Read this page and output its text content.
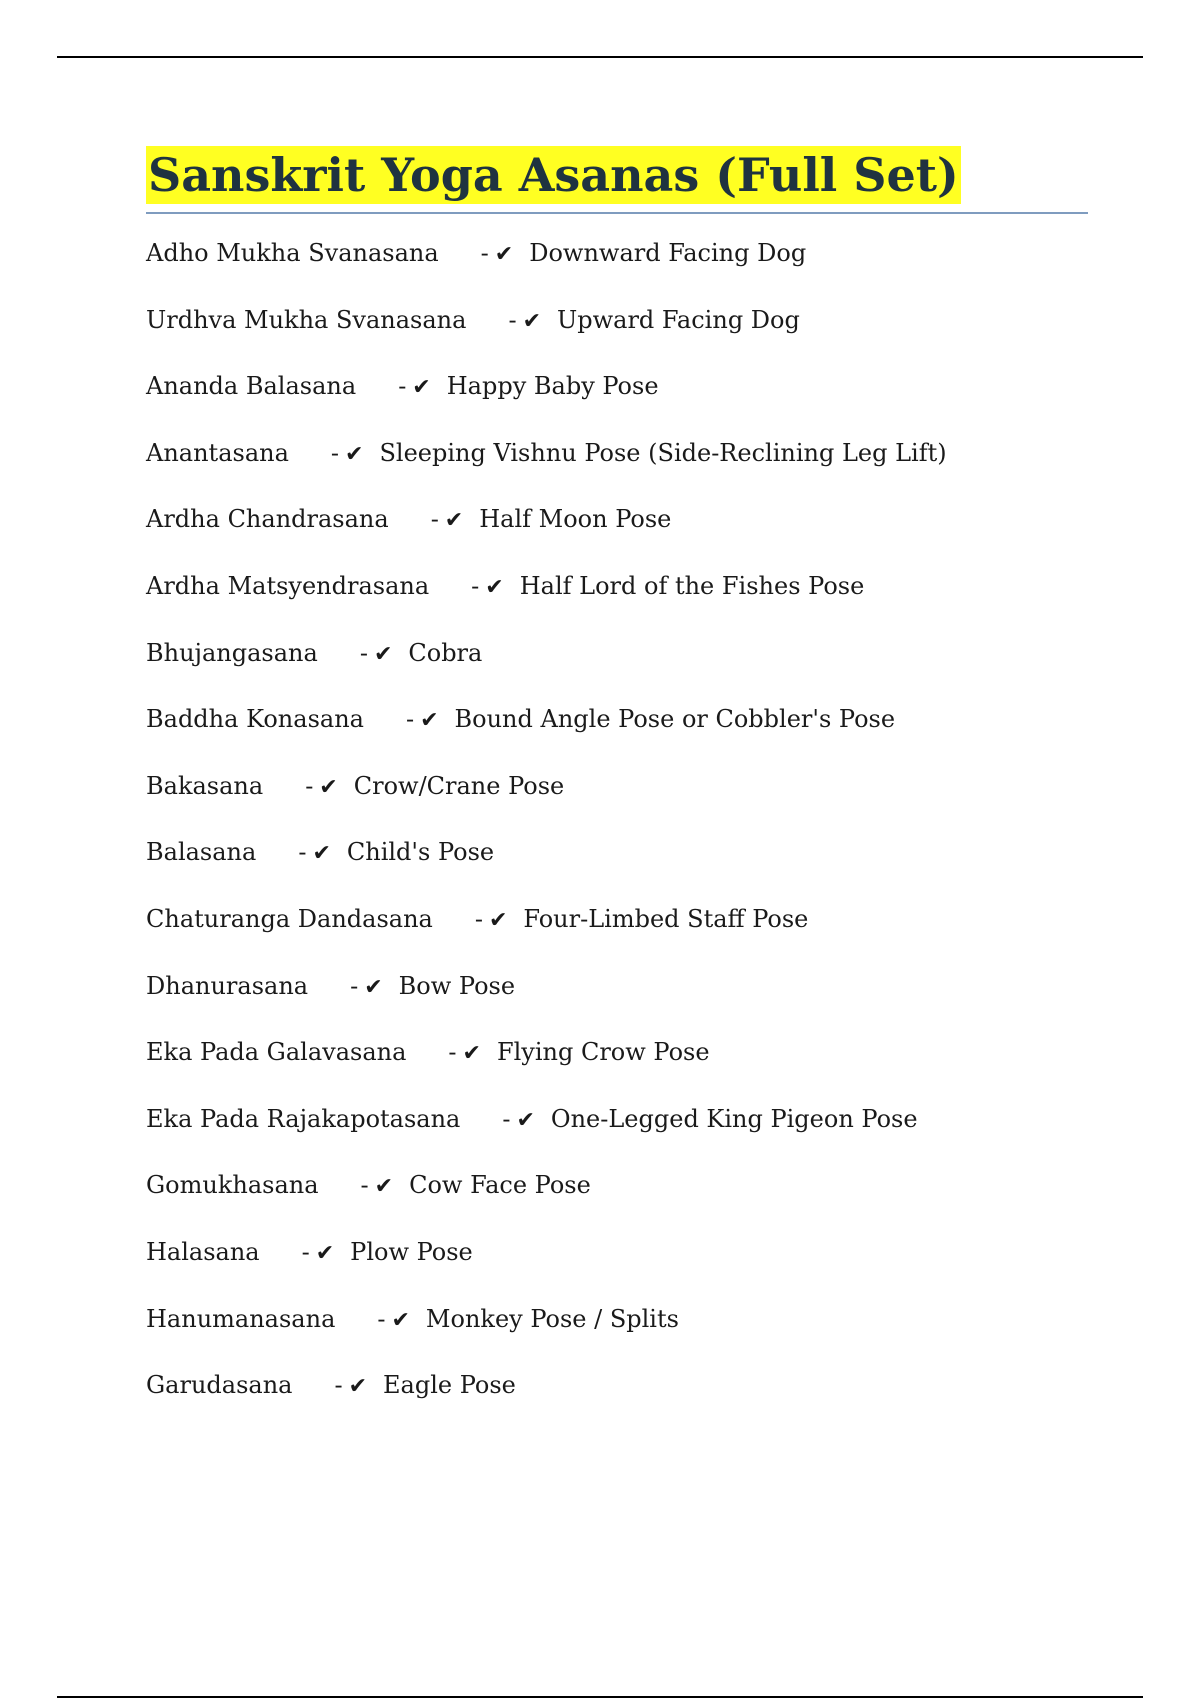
Sanskrit Yoga Asanas (Full Set)
Adho Mukha Svanasana - ✔ Downward Facing Dog
Urdhva Mukha Svanasana - ✔ Upward Facing Dog
Ananda Balasana - ✔ Happy Baby Pose
Anantasana - ✔ Sleeping Vishnu Pose (Side-Reclining Leg Lift)
Ardha Chandrasana - ✔ Half Moon Pose
Ardha Matsyendrasana - ✔ Half Lord of the Fishes Pose
Bhujangasana - ✔ Cobra
Baddha Konasana - ✔ Bound Angle Pose or Cobbler's Pose
Bakasana - ✔ Crow/Crane Pose
Balasana - ✔ Child's Pose
Chaturanga Dandasana - ✔ Four-Limbed Staff Pose
Dhanurasana - ✔ Bow Pose
Eka Pada Galavasana - ✔ Flying Crow Pose
Eka Pada Rajakapotasana - ✔ One-Legged King Pigeon Pose
Gomukhasana - ✔ Cow Face Pose
Halasana - ✔ Plow Pose
Hanumanasana - ✔ Monkey Pose / Splits
Garudasana - ✔ Eagle Pose
